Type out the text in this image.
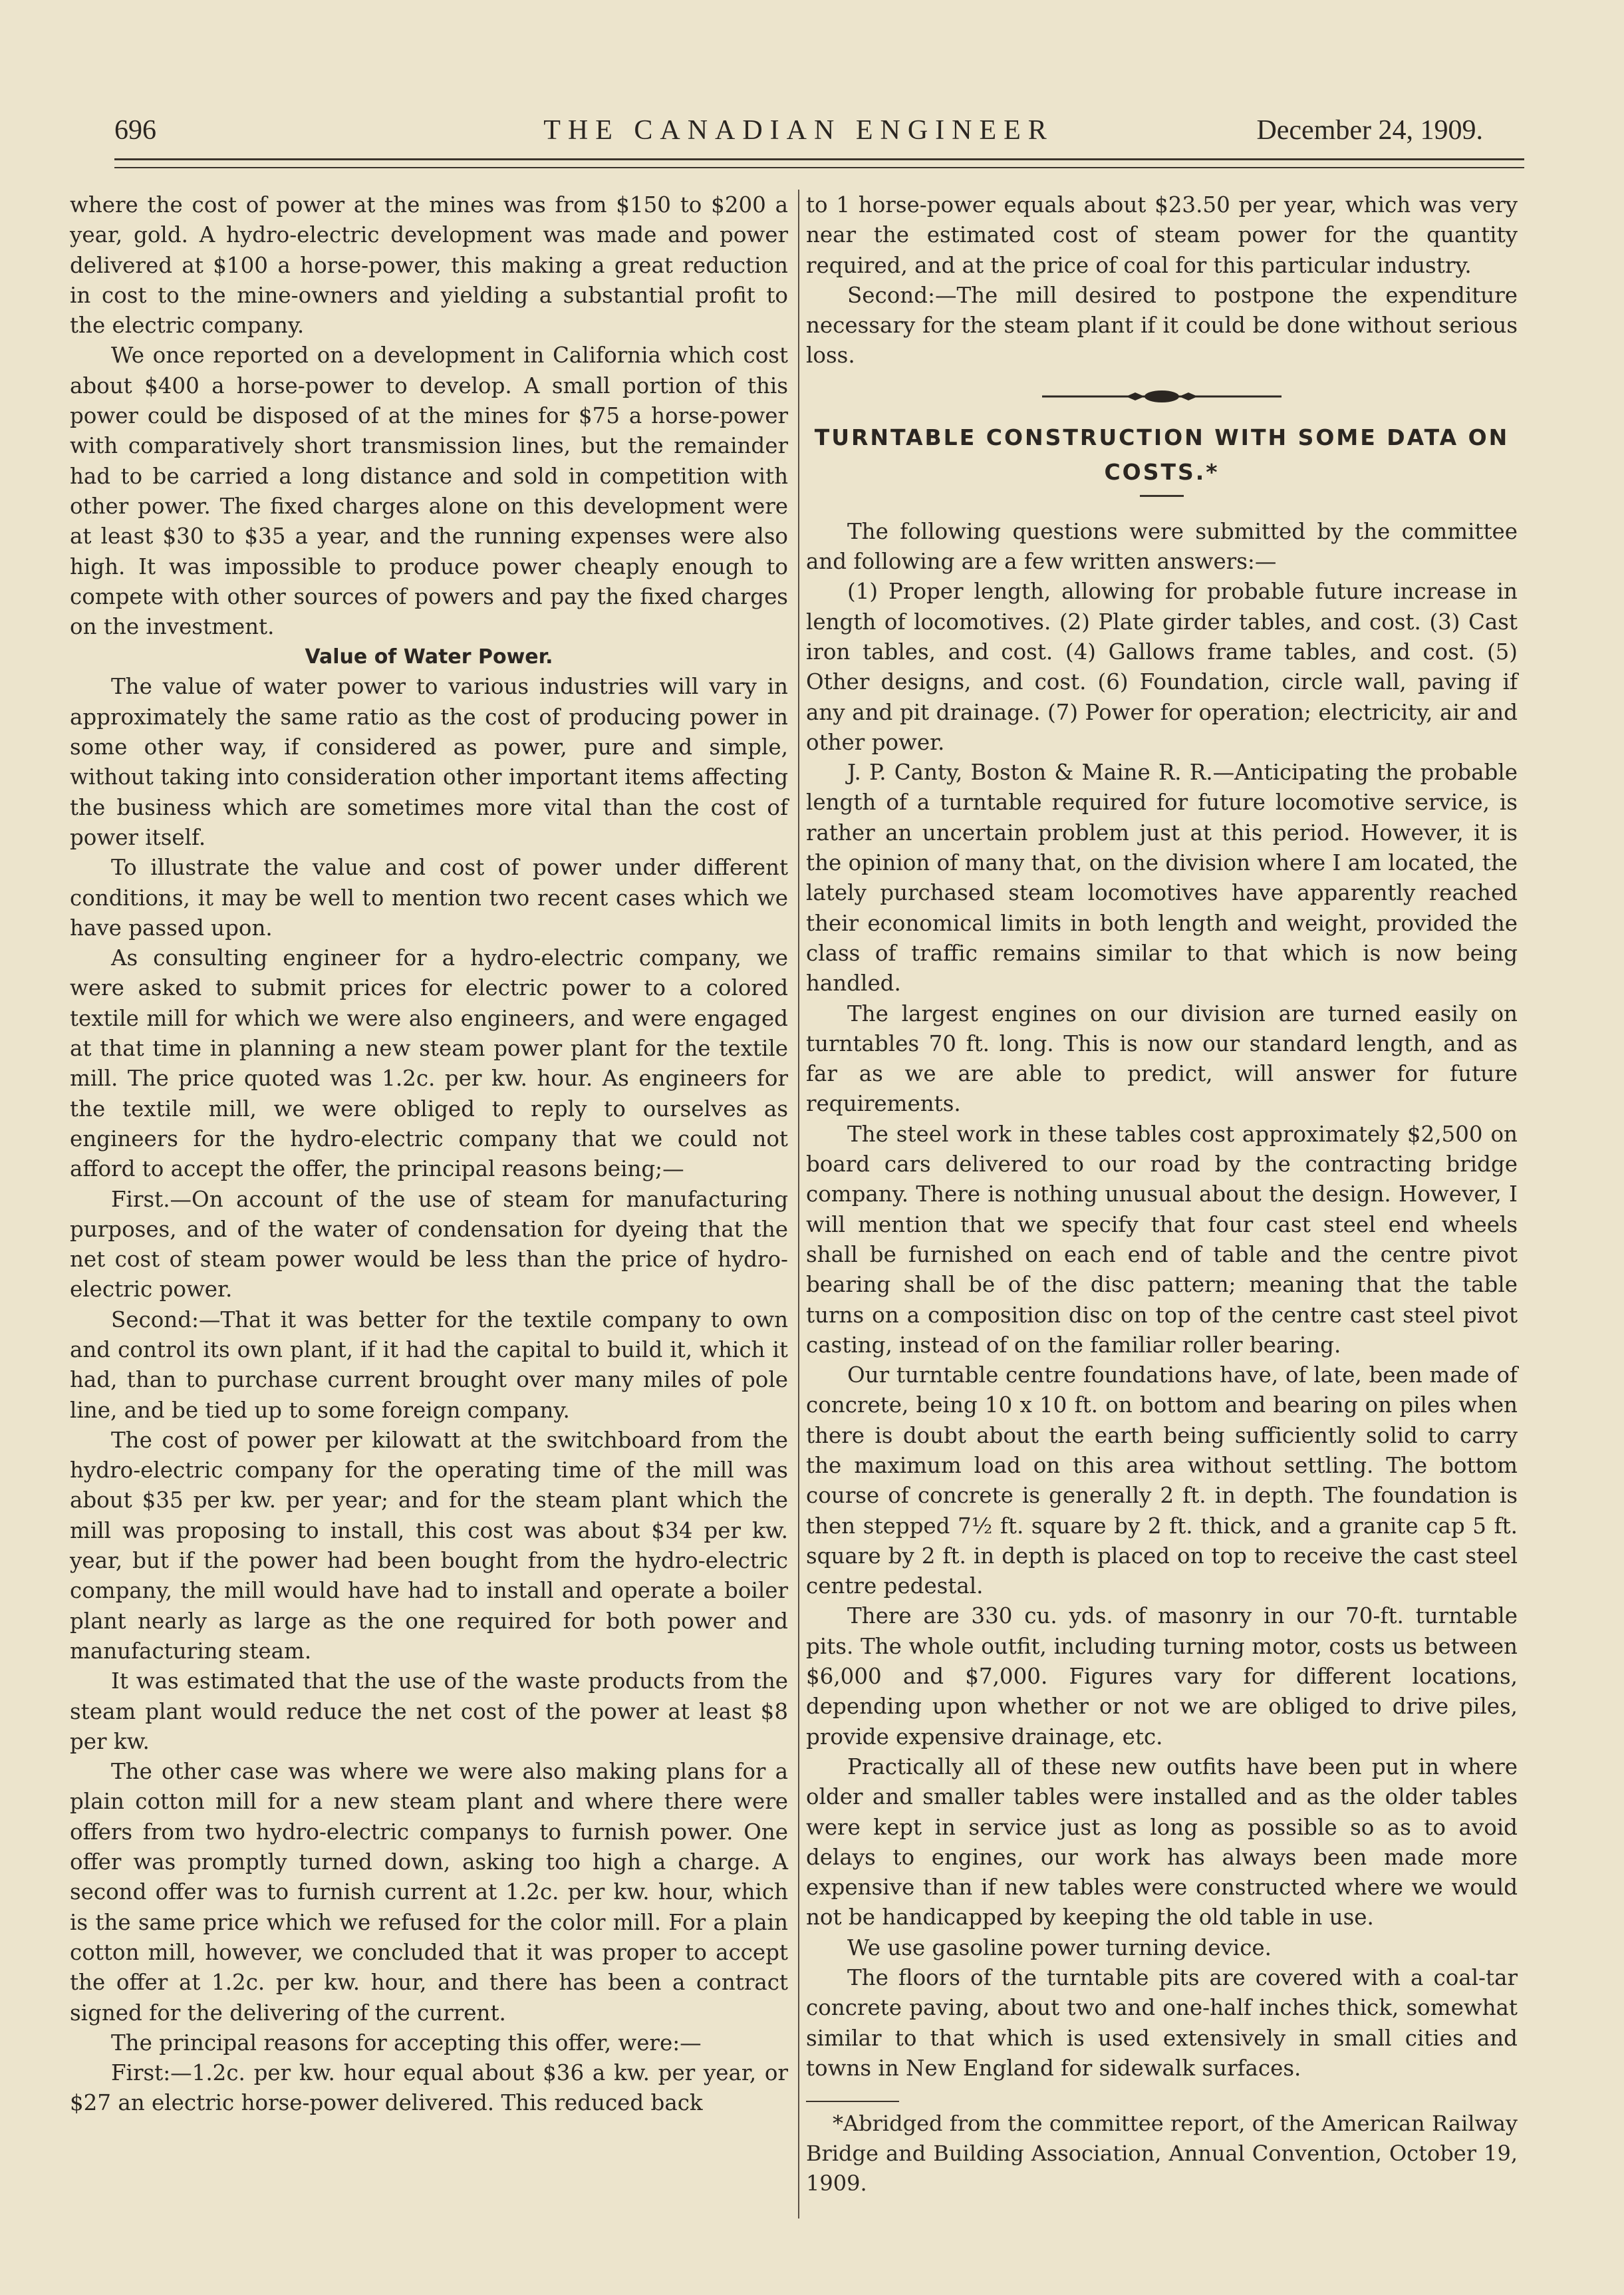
696	THE CANADIAN ENGINEER	December 24, 1909.

where the cost of power at the mines was from $150 to $200 a year, gold. A hydro-electric development was made and power delivered at $100 a horse-power, this making a great reduction in cost to the mine-owners and yielding a substantial profit to the electric company.

We once reported on a development in California which cost about $400 a horse-power to develop. A small portion of this power could be disposed of at the mines for $75 a horse-power with comparatively short transmission lines, but the remainder had to be carried a long distance and sold in competition with other power. The fixed charges alone on this development were at least $30 to $35 a year, and the running expenses were also high. It was impossible to produce power cheaply enough to compete with other sources of powers and pay the fixed charges on the investment.

Value of Water Power.

The value of water power to various industries will vary in approximately the same ratio as the cost of producing power in some other way, if considered as power, pure and simple, without taking into consideration other important items affecting the business which are sometimes more vital than the cost of power itself.

To illustrate the value and cost of power under different conditions, it may be well to mention two recent cases which we have passed upon.

As consulting engineer for a hydro-electric company, we were asked to submit prices for electric power to a colored textile mill for which we were also engineers, and were engaged at that time in planning a new steam power plant for the textile mill. The price quoted was 1.2c. per kw. hour. As engineers for the textile mill, we were obliged to reply to ourselves as engineers for the hydro-electric company that we could not afford to accept the offer, the principal reasons being;—

First.—On account of the use of steam for manufacturing purposes, and of the water of condensation for dyeing that the net cost of steam power would be less than the price of hydro-electric power.

Second:—That it was better for the textile company to own and control its own plant, if it had the capital to build it, which it had, than to purchase current brought over many miles of pole line, and be tied up to some foreign company.

The cost of power per kilowatt at the switchboard from the hydro-electric company for the operating time of the mill was about $35 per kw. per year; and for the steam plant which the mill was proposing to install, this cost was about $34 per kw. year, but if the power had been bought from the hydro-electric company, the mill would have had to install and operate a boiler plant nearly as large as the one required for both power and manufacturing steam.

It was estimated that the use of the waste products from the steam plant would reduce the net cost of the power at least $8 per kw.

The other case was where we were also making plans for a plain cotton mill for a new steam plant and where there were offers from two hydro-electric companys to furnish power. One offer was promptly turned down, asking too high a charge. A second offer was to furnish current at 1.2c. per kw. hour, which is the same price which we refused for the color mill. For a plain cotton mill, however, we concluded that it was proper to accept the offer at 1.2c. per kw. hour, and there has been a contract signed for the delivering of the current.

The principal reasons for accepting this offer, were:—

First:—1.2c. per kw. hour equal about $36 a kw. per year, or $27 an electric horse-power delivered. This reduced back

to 1 horse-power equals about $23.50 per year, which was very near the estimated cost of steam power for the quantity required, and at the price of coal for this particular industry.

Second:—The mill desired to postpone the expenditure necessary for the steam plant if it could be done without serious loss.

TURNTABLE CONSTRUCTION WITH SOME DATA ON COSTS.*

The following questions were submitted by the committee and following are a few written answers:—

(1) Proper length, allowing for probable future increase in length of locomotives. (2) Plate girder tables, and cost. (3) Cast iron tables, and cost. (4) Gallows frame tables, and cost. (5) Other designs, and cost. (6) Foundation, circle wall, paving if any and pit drainage. (7) Power for operation; electricity, air and other power.

J. P. Canty, Boston & Maine R. R.—Anticipating the probable length of a turntable required for future locomotive service, is rather an uncertain problem just at this period. However, it is the opinion of many that, on the division where I am located, the lately purchased steam locomotives have apparently reached their economical limits in both length and weight, provided the class of traffic remains similar to that which is now being handled.

The largest engines on our division are turned easily on turntables 70 ft. long. This is now our standard length, and as far as we are able to predict, will answer for future requirements.

The steel work in these tables cost approximately $2,500 on board cars delivered to our road by the contracting bridge company. There is nothing unusual about the design. However, I will mention that we specify that four cast steel end wheels shall be furnished on each end of table and the centre pivot bearing shall be of the disc pattern; meaning that the table turns on a composition disc on top of the centre cast steel pivot casting, instead of on the familiar roller bearing.

Our turntable centre foundations have, of late, been made of concrete, being 10 x 10 ft. on bottom and bearing on piles when there is doubt about the earth being sufficiently solid to carry the maximum load on this area without settling. The bottom course of concrete is generally 2 ft. in depth. The foundation is then stepped 7½ ft. square by 2 ft. thick, and a granite cap 5 ft. square by 2 ft. in depth is placed on top to receive the cast steel centre pedestal.

There are 330 cu. yds. of masonry in our 70-ft. turntable pits. The whole outfit, including turning motor, costs us between $6,000 and $7,000. Figures vary for different locations, depending upon whether or not we are obliged to drive piles, provide expensive drainage, etc.

Practically all of these new outfits have been put in where older and smaller tables were installed and as the older tables were kept in service just as long as possible so as to avoid delays to engines, our work has always been made more expensive than if new tables were constructed where we would not be handicapped by keeping the old table in use.

We use gasoline power turning device.

The floors of the turntable pits are covered with a coal-tar concrete paving, about two and one-half inches thick, somewhat similar to that which is used extensively in small cities and towns in New England for sidewalk surfaces.

*Abridged from the committee report, of the American Railway Bridge and Building Association, Annual Convention, October 19, 1909.
